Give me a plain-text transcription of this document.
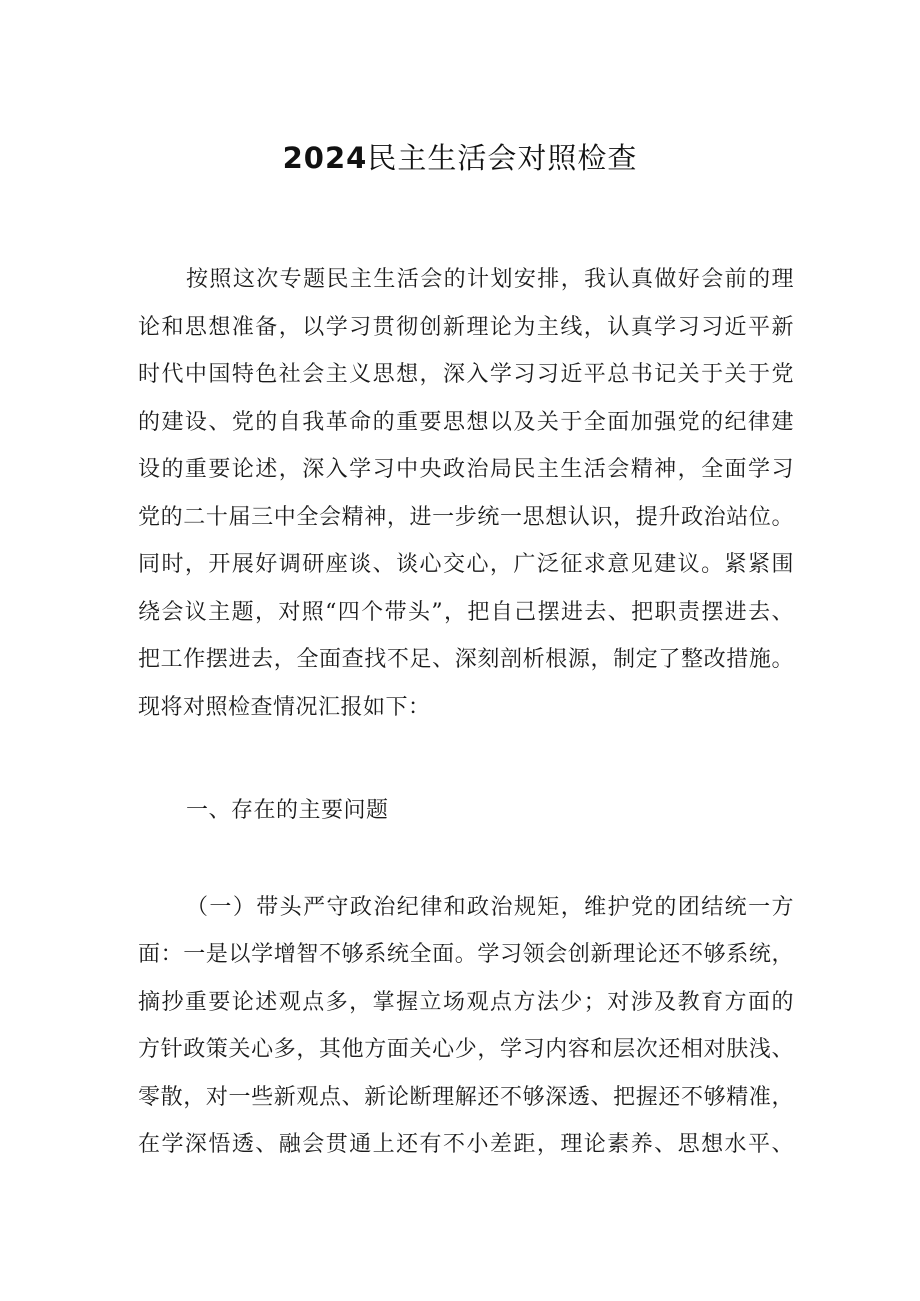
2024民主生活会对照检查
按照这次专题民主生活会的计划安排，我认真做好会前的理
论和思想准备，以学习贯彻创新理论为主线，认真学习习近平新
时代中国特色社会主义思想，深入学习习近平总书记关于关于党
的建设、党的自我革命的重要思想以及关于全面加强党的纪律建
设的重要论述，深入学习中央政治局民主生活会精神，全面学习
党的二十届三中全会精神，进一步统一思想认识，提升政治站位。
同时，开展好调研座谈、谈心交心，广泛征求意见建议。紧紧围
绕会议主题，对照“四个带头”，把自己摆进去、把职责摆进去、
把工作摆进去，全面查找不足、深刻剖析根源，制定了整改措施。
现将对照检查情况汇报如下：
一、存在的主要问题
（一）带头严守政治纪律和政治规矩，维护党的团结统一方
面：一是以学增智不够系统全面。学习领会创新理论还不够系统，
摘抄重要论述观点多，掌握立场观点方法少；对涉及教育方面的
方针政策关心多，其他方面关心少，学习内容和层次还相对肤浅、
零散，对一些新观点、新论断理解还不够深透、把握还不够精准，
在学深悟透、融会贯通上还有不小差距，理论素养、思想水平、
